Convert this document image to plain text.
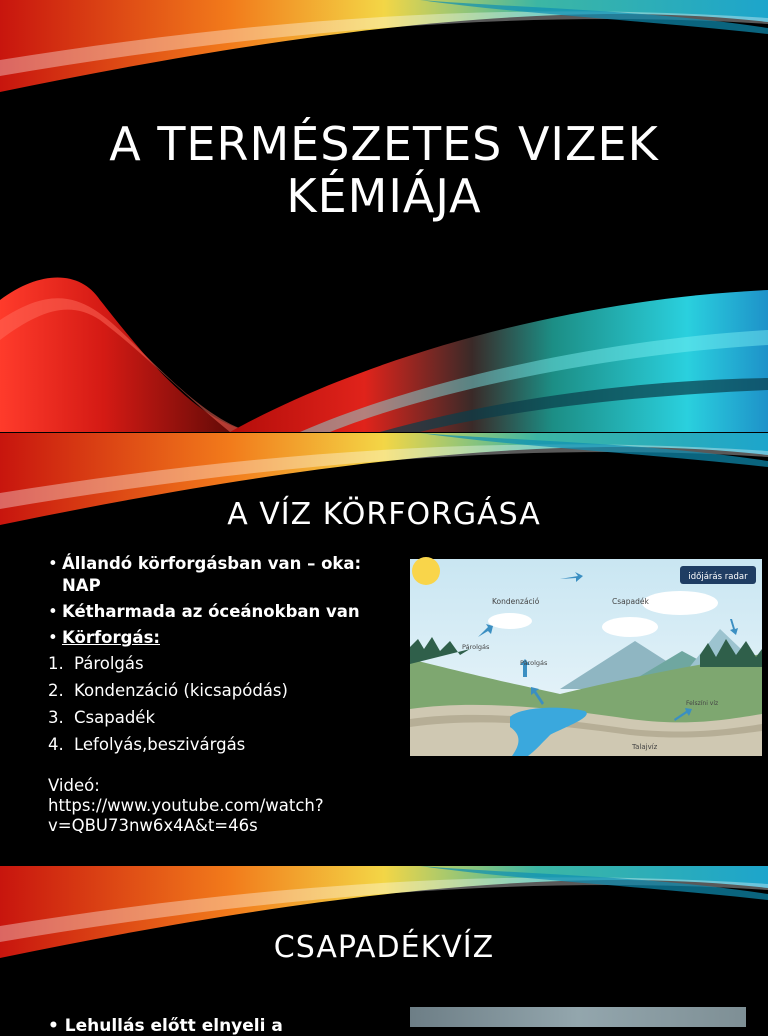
A TERMÉSZETES VIZEK
KÉMIÁJA
A VÍZ KÖRFORGÁSA
• Állandó körforgásban van – oka: NAP
• Kétharmada az óceánokban van
• Körforgás:
1. Párolgás
2. Kondenzáció (kicsapódás)
3. Csapadék
4. Lefolyás,beszivárgás
Videó:
https://www.youtube.com/watch?
v=QBU73nw6x4A&t=46s
időjárás radar
Kondenzáció	Csapadék
Párolgás
Párolgás
Felszíni víz
Talajvíz
CSAPADÉKVÍZ
• Lehullás előtt elnyeli a
